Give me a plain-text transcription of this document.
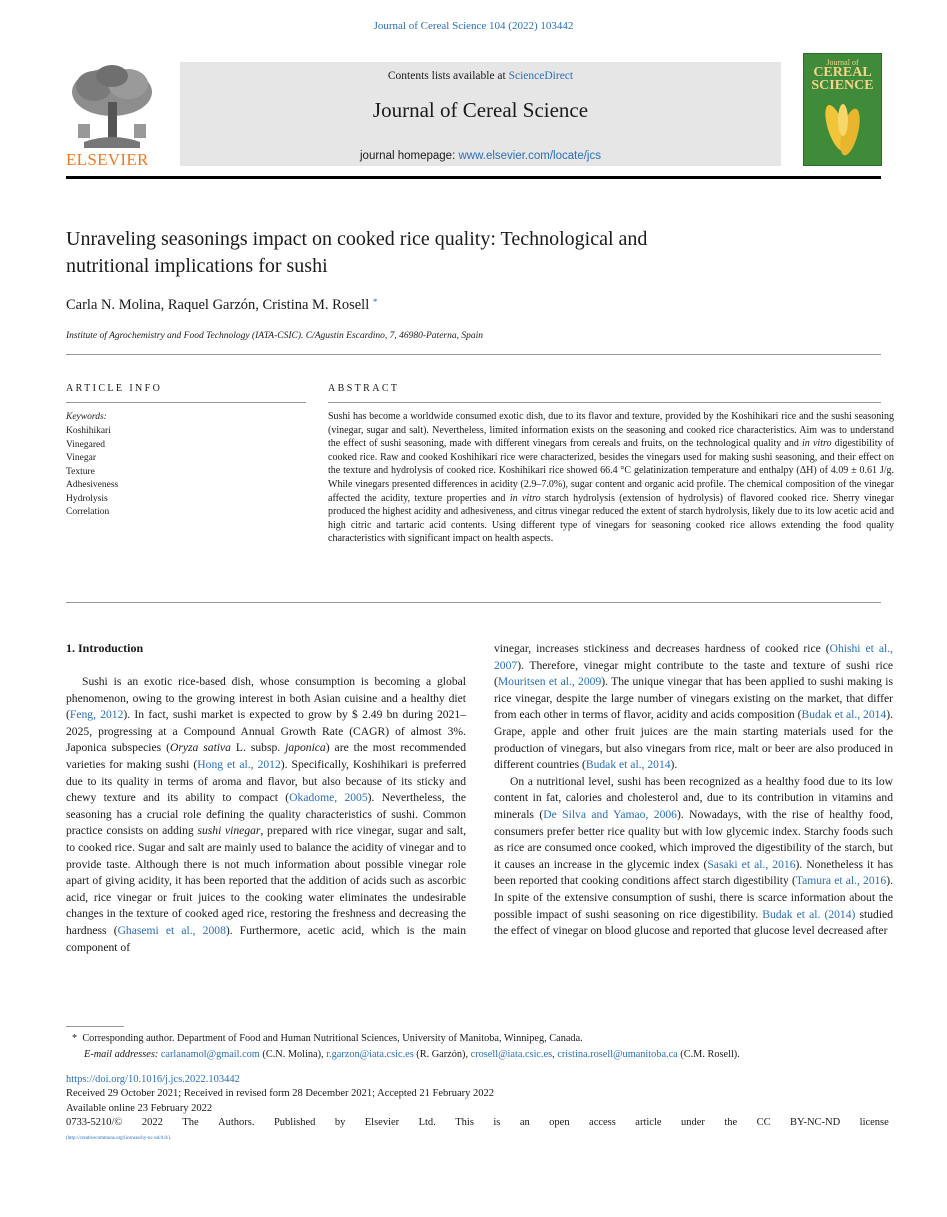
Journal of Cereal Science 104 (2022) 103442
ELSEVIER
Contents lists available at ScienceDirect
Journal of Cereal Science
journal homepage: www.elsevier.com/locate/jcs
Journal of
CEREAL
SCIENCE
Unraveling seasonings impact on cooked rice quality: Technological and
nutritional implications for sushi
Carla N. Molina, Raquel Garzón, Cristina M. Rosell *
Institute of Agrochemistry and Food Technology (IATA-CSIC). C/Agustin Escardino, 7, 46980-Paterna, Spain
ARTICLE INFO	ABSTRACT
Keywords:
Koshihikari
Vinegared
Vinegar
Texture
Adhesiveness
Hydrolysis
Correlation
Sushi has become a worldwide consumed exotic dish, due to its flavor and texture, provided by the Koshihikari rice and the sushi seasoning (vinegar, sugar and salt). Nevertheless, limited information exists on the seasoning and cooked rice characteristics. Aim was to understand the effect of sushi seasoning, made with different vinegars from cereals and fruits, on the technological quality and in vitro digestibility of cooked rice. Raw and cooked Koshihikari rice were characterized, besides the vinegars used for making sushi seasoning, and their effect on the texture and hydrolysis of cooked rice. Koshihikari rice showed 66.4 °C gelatinization temperature and enthalpy (ΔH) of 4.09 ± 0.61 J/g. While vinegars presented differences in acidity (2.9–7.0%), sugar content and organic acid profile. The chemical composition of the vinegar affected the acidity, texture properties and in vitro starch hydrolysis (extension of hydrolysis) of flavored cooked rice. Sherry vinegar produced the highest acidity and adhesiveness, and citrus vinegar reduced the extent of starch hydrolysis, likely due to its low acetic acid and high citric and tartaric acid contents. Using different type of vinegars for seasoning cooked rice allows extending the food quality characteristics with significant impact on health aspects.
1. Introduction

Sushi is an exotic rice-based dish, whose consumption is becoming a global phenomenon, owing to the growing interest in both Asian cuisine and a healthy diet (Feng, 2012). In fact, sushi market is expected to grow by $ 2.49 bn during 2021–2025, progressing at a Compound Annual Growth Rate (CAGR) of almost 3%. Japonica subspecies (Oryza sativa L. subsp. japonica) are the most recommended varieties for making sushi (Hong et al., 2012). Specifically, Koshihikari is preferred due to its quality in terms of aroma and flavor, but also because of its sticky and chewy texture and its ability to compact (Okadome, 2005). Nevertheless, the seasoning has a crucial role defining the quality characteristics of sushi. Common practice consists on adding sushi vinegar, prepared with rice vinegar, sugar and salt, to cooked rice. Sugar and salt are mainly used to balance the acidity of vinegar and to provide taste. Although there is not much information about possible vinegar role apart of giving acidity, it has been reported that the addition of acids such as ascorbic acid, rice vinegar or fruit juices to the cooking water eliminates the undesirable changes in the texture of cooked aged rice, restoring the freshness and decreasing the hardness (Ghasemi et al., 2008). Furthermore, acetic acid, which is the main component of

vinegar, increases stickiness and decreases hardness of cooked rice (Ohishi et al., 2007). Therefore, vinegar might contribute to the taste and texture of sushi rice (Mouritsen et al., 2009). The unique vinegar that has been applied to sushi making is rice vinegar, despite the large number of vinegars existing on the market, that differ from each other in terms of flavor, acidity and acids composition (Budak et al., 2014). Grape, apple and other fruit juices are the main starting materials used for the production of vinegars, but also vinegars from rice, malt or beer are also produced in different countries (Budak et al., 2014).

On a nutritional level, sushi has been recognized as a healthy food due to its low content in fat, calories and cholesterol and, due to its contribution in vitamins and minerals (De Silva and Yamao, 2006). Nowadays, with the rise of healthy food, consumers prefer better rice quality but with low glycemic index. Starchy foods such as rice are consumed once cooked, which improved the digestibility of the starch, but it causes an increase in the glycemic index (Sasaki et al., 2016). Nonetheless it has been reported that cooking conditions affect starch digestibility (Tamura et al., 2016). In spite of the extensive consumption of sushi, there is scarce information about the possible impact of sushi seasoning on rice digestibility. Budak et al. (2014) studied the effect of vinegar on blood glucose and reported that glucose level decreased after

* Corresponding author. Department of Food and Human Nutritional Sciences, University of Manitoba, Winnipeg, Canada.
E-mail addresses: carlanamol@gmail.com (C.N. Molina), r.garzon@iata.csic.es (R. Garzón), crosell@iata.csic.es, cristina.rosell@umanitoba.ca (C.M. Rosell).
https://doi.org/10.1016/j.jcs.2022.103442
Received 29 October 2021; Received in revised form 28 December 2021; Accepted 21 February 2022
Available online 23 February 2022
0733-5210/© 2022 The Authors. Published by Elsevier Ltd. This is an open access article under the CC BY-NC-ND license
(http://creativecommons.org/licenses/by-nc-nd/4.0/).
